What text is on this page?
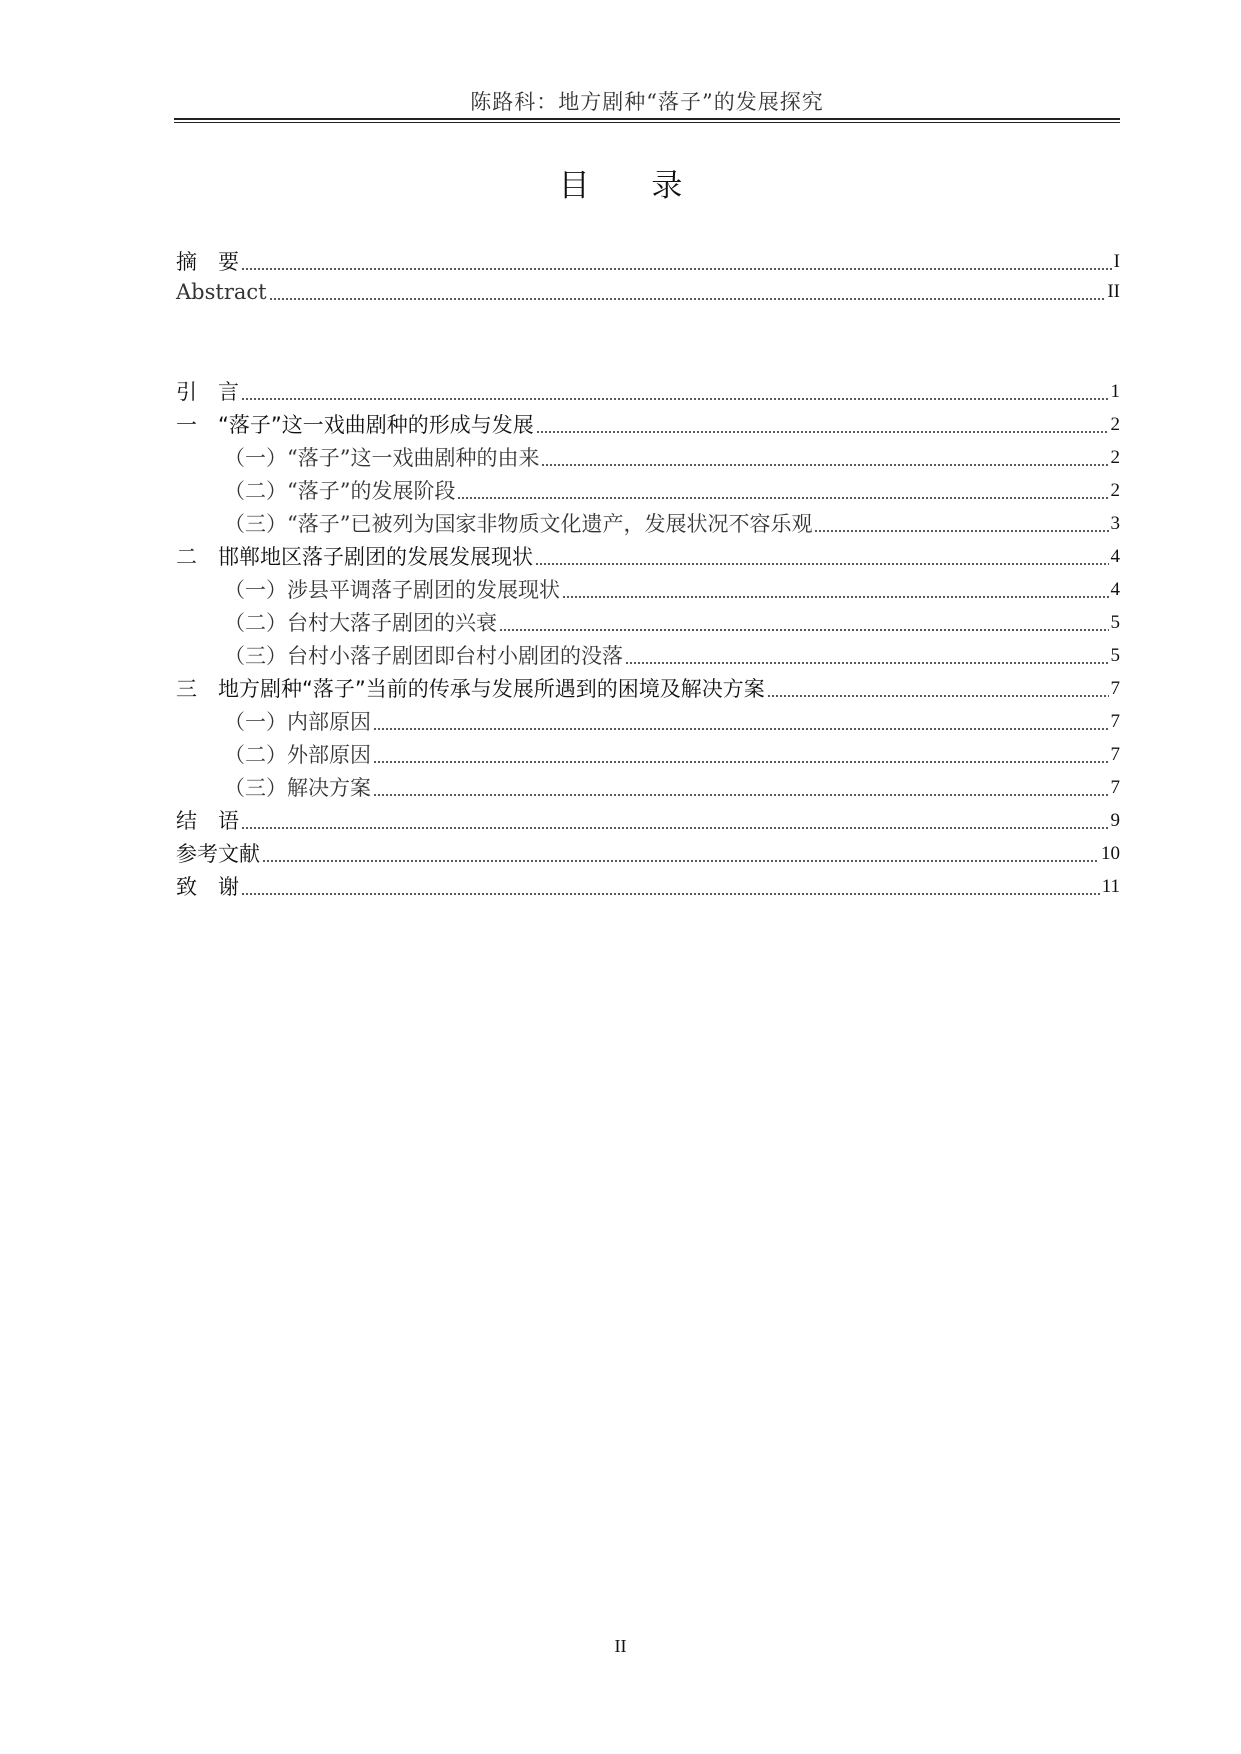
陈路科：地方剧种“落子”的发展探究
目 录
摘　要	I
Abstract	II
引　言	1
一　“落子”这一戏曲剧种的形成与发展	2
（一）“落子”这一戏曲剧种的由来	2
（二）“落子”的发展阶段	2
（三）“落子”已被列为国家非物质文化遗产，发展状况不容乐观	3
二　邯郸地区落子剧团的发展发展现状	4
（一）涉县平调落子剧团的发展现状	4
（二）台村大落子剧团的兴衰	5
（三）台村小落子剧团即台村小剧团的没落	5
三　地方剧种“落子”当前的传承与发展所遇到的困境及解决方案	7
（一）内部原因	7
（二）外部原因	7
（三）解决方案	7
结　语	9
参考文献	10
致　谢	11
II
